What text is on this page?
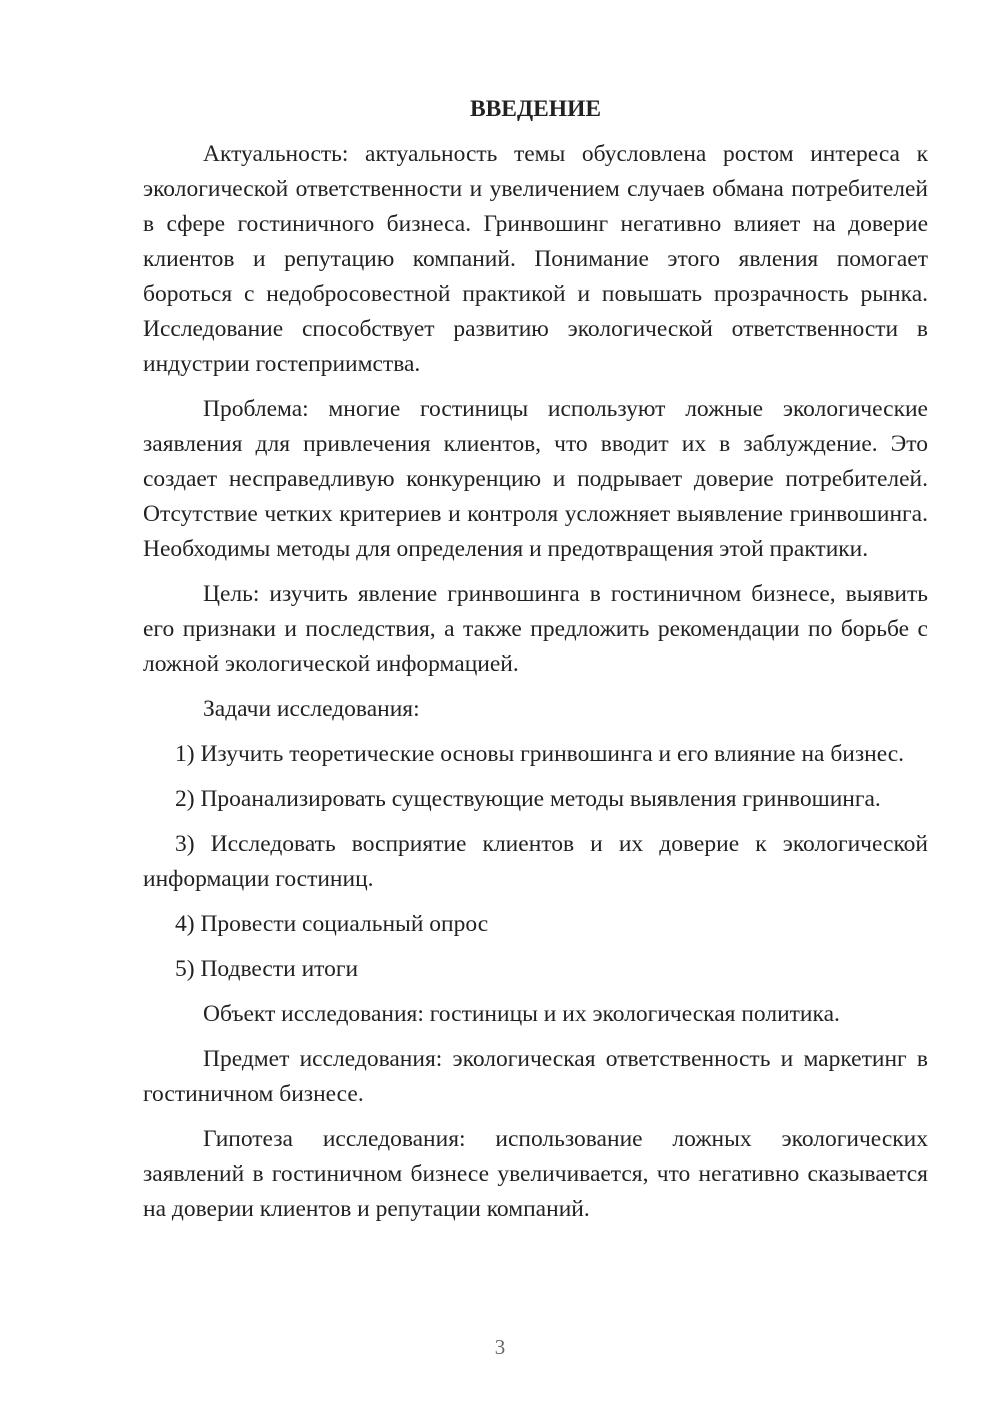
ВВЕДЕНИЕ

Актуальность: актуальность темы обусловлена ростом интереса к экологической ответственности и увеличением случаев обмана потребителей в сфере гостиничного бизнеса. Гринвошинг негативно влияет на доверие клиентов и репутацию компаний. Понимание этого явления помогает бороться с недобросовестной практикой и повышать прозрачность рынка. Исследование способствует развитию экологической ответственности в индустрии гостеприимства.

Проблема: многие гостиницы используют ложные экологические заявления для привлечения клиентов, что вводит их в заблуждение. Это создает несправедливую конкуренцию и подрывает доверие потребителей. Отсутствие четких критериев и контроля усложняет выявление гринвошинга. Необходимы методы для определения и предотвращения этой практики.

Цель: изучить явление гринвошинга в гостиничном бизнесе, выявить его признаки и последствия, а также предложить рекомендации по борьбе с ложной экологической информацией.

Задачи исследования:

1) Изучить теоретические основы гринвошинга и его влияние на бизнес.

2) Проанализировать существующие методы выявления гринвошинга.

3) Исследовать восприятие клиентов и их доверие к экологической информации гостиниц.

4) Провести социальный опрос

5) Подвести итоги

Объект исследования: гостиницы и их экологическая политика.

Предмет исследования: экологическая ответственность и маркетинг в гостиничном бизнесе.

Гипотеза исследования: использование ложных экологических заявлений в гостиничном бизнесе увеличивается, что негативно сказывается на доверии клиентов и репутации компаний.

3
